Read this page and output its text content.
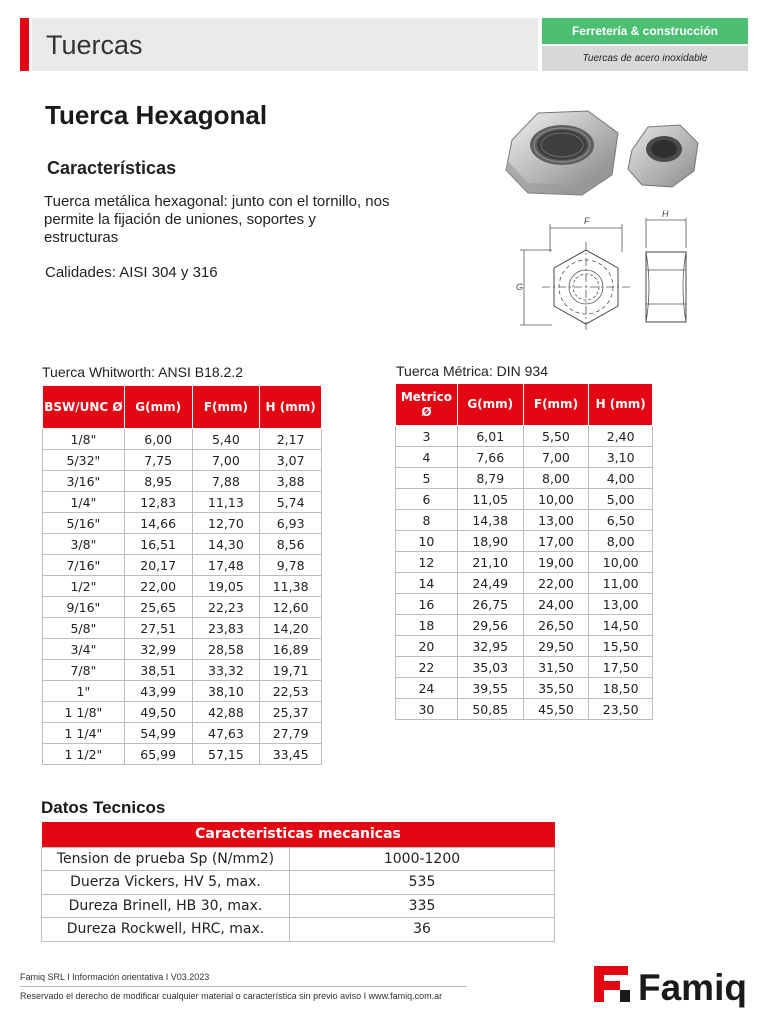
Tuercas	Ferretería & construcción
Tuercas de acero inoxidable
Tuerca Hexagonal
Características
Tuerca metálica hexagonal: junto con el tornillo, nos permite la fijación de uniones, soportes y estructuras
Calidades: AISI 304 y 316
F
G
H
Tuerca Whitworth: ANSI B18.2.2
BSW/UNC Ø	G(mm)	F(mm)	H (mm)
1/8"	6,00	5,40	2,17
5/32"	7,75	7,00	3,07
3/16"	8,95	7,88	3,88
1/4"	12,83	11,13	5,74
5/16"	14,66	12,70	6,93
3/8"	16,51	14,30	8,56
7/16"	20,17	17,48	9,78
1/2"	22,00	19,05	11,38
9/16"	25,65	22,23	12,60
5/8"	27,51	23,83	14,20
3/4"	32,99	28,58	16,89
7/8"	38,51	33,32	19,71
1"	43,99	38,10	22,53
1 1/8"	49,50	42,88	25,37
1 1/4"	54,99	47,63	27,79
1 1/2"	65,99	57,15	33,45
Tuerca Métrica: DIN 934
Metrico Ø	G(mm)	F(mm)	H (mm)
3	6,01	5,50	2,40
4	7,66	7,00	3,10
5	8,79	8,00	4,00
6	11,05	10,00	5,00
8	14,38	13,00	6,50
10	18,90	17,00	8,00
12	21,10	19,00	10,00
14	24,49	22,00	11,00
16	26,75	24,00	13,00
18	29,56	26,50	14,50
20	32,95	29,50	15,50
22	35,03	31,50	17,50
24	39,55	35,50	18,50
30	50,85	45,50	23,50
Datos Tecnicos
Caracteristicas mecanicas	
Tension de prueba Sp (N/mm2)	1000-1200
Duerza Vickers, HV 5, max.	535
Dureza Brinell, HB 30, max.	335
Dureza Rockwell, HRC, max.	36
Famiq SRL I Información orientativa I V03.2023
Reservado el derecho de modificar cualquier material o característica sin previo aviso I www.famiq.com.ar	Famiq
